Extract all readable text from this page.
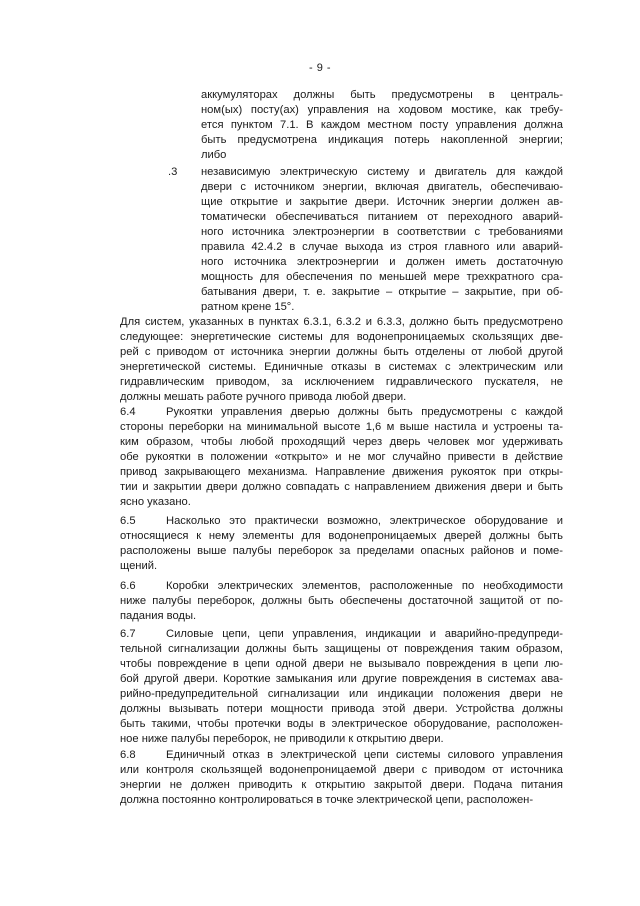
- 9 -
аккумуляторах должны быть предусмотрены в централь-
ном(ых) посту(ах) управления на ходовом мостике, как требу-
ется пунктом 7.1. В каждом местном посту управления должна
быть предусмотрена индикация потерь накопленной энергии;
либо
.3 независимую электрическую систему и двигатель для каждой
двери с источником энергии, включая двигатель, обеспечиваю-
щие открытие и закрытие двери. Источник энергии должен ав-
томатически обеспечиваться питанием от переходного аварий-
ного источника электроэнергии в соответствии с требованиями
правила 42.4.2 в случае выхода из строя главного или аварий-
ного источника электроэнергии и должен иметь достаточную
мощность для обеспечения по меньшей мере трехкратного сра-
батывания двери, т. е. закрытие – открытие – закрытие, при об-
ратном крене 15°.
Для систем, указанных в пунктах 6.3.1, 6.3.2 и 6.3.3, должно быть предусмотрено
следующее: энергетические системы для водонепроницаемых скользящих две-
рей с приводом от источника энергии должны быть отделены от любой другой
энергетической системы. Единичные отказы в системах с электрическим или
гидравлическим приводом, за исключением гидравлического пускателя, не
должны мешать работе ручного привода любой двери.
6.4	Рукоятки управления дверью должны быть предусмотрены с каждой
стороны переборки на минимальной высоте 1,6 м выше настила и устроены та-
ким образом, чтобы любой проходящий через дверь человек мог удерживать
обе рукоятки в положении «открыто» и не мог случайно привести в действие
привод закрывающего механизма. Направление движения рукояток при откры-
тии и закрытии двери должно совпадать с направлением движения двери и быть
ясно указано.
6.5	Насколько это практически возможно, электрическое оборудование и
относящиеся к нему элементы для водонепроницаемых дверей должны быть
расположены выше палубы переборок за пределами опасных районов и поме-
щений.
6.6	Коробки электрических элементов, расположенные по необходимости
ниже палубы переборок, должны быть обеспечены достаточной защитой от по-
падания воды.
6.7	Силовые цепи, цепи управления, индикации и аварийно-предупреди-
тельной сигнализации должны быть защищены от повреждения таким образом,
чтобы повреждение в цепи одной двери не вызывало повреждения в цепи лю-
бой другой двери. Короткие замыкания или другие повреждения в системах ава-
рийно-предупредительной сигнализации или индикации положения двери не
должны вызывать потери мощности привода этой двери. Устройства должны
быть такими, чтобы протечки воды в электрическое оборудование, расположен-
ное ниже палубы переборок, не приводили к открытию двери.
6.8	Единичный отказ в электрической цепи системы силового управления
или контроля скользящей водонепроницаемой двери с приводом от источника
энергии не должен приводить к открытию закрытой двери. Подача питания
должна постоянно контролироваться в точке электрической цепи, расположен-
